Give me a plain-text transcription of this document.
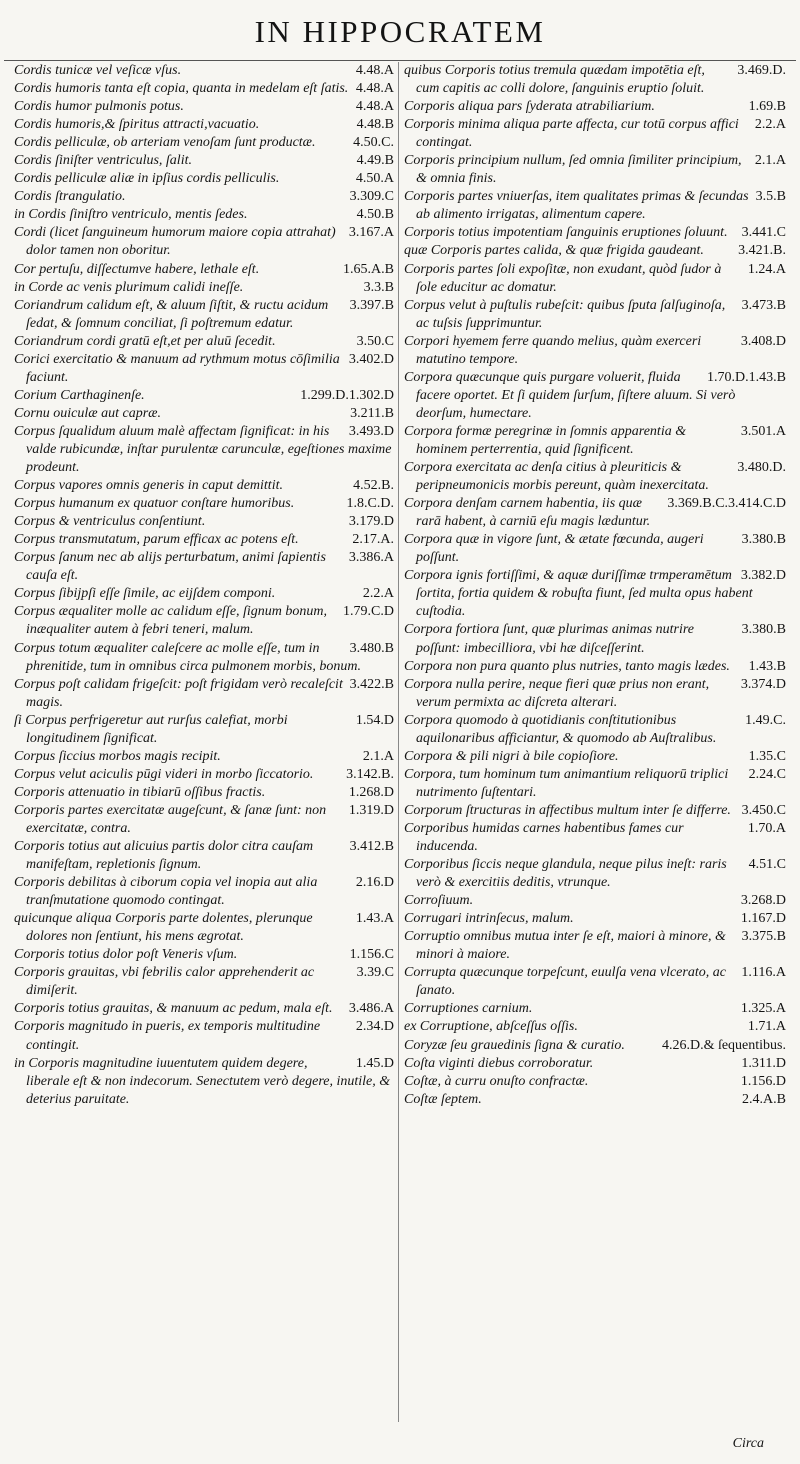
IN HIPPOCRATEM

4.48.A
Cordis tunicæ vel veſicæ vſus.

4.48.A
Cordis humoris tanta eſt copia, quanta in medelam eſt ſatis.

4.48.A
Cordis humor pulmonis potus.

4.48.B
Cordis humoris,& ſpiritus attracti,vacuatio.

4.50.C.
Cordis pelliculæ, ob arteriam venoſam ſunt productæ.

4.49.B
Cordis ſiniſter ventriculus, ſalit.

4.50.A
Cordis pelliculæ aliæ in ipſius cordis pelliculis.

3.309.C
Cordis ſtrangulatio.

4.50.B
in Cordis ſiniſtro ventriculo, mentis ſedes.

3.167.A
Cordi (licet ſanguineum humorum maiore copia attrahat) dolor tamen non oboritur.

1.65.A.B
Cor pertuſu, diſſectumve habere, lethale eſt.

3.3.B
in Corde ac venis plurimum calidi ineſſe.

3.397.B
Coriandrum calidum eſt, & aluum ſiſtit, & ructu acidum ſedat, & ſomnum conciliat, ſi poſtremum edatur.

3.50.C
Coriandrum cordi gratū eſt,et per aluū ſecedit.

3.402.D
Corici exercitatio & manuum ad rythmum motus cōſimilia faciunt.

1.299.D.1.302.D
Corium Carthaginenſe.

3.211.B
Cornu ouiculæ aut capræ.

3.493.D
Corpus ſqualidum aluum malè affectam ſignificat: in his valde rubicundæ, inſtar purulentæ carunculæ, egeſtiones maxime prodeunt.

4.52.B.
Corpus vapores omnis generis in caput demittit.

1.8.C.D.
Corpus humanum ex quatuor conſtare humoribus.

3.179.D
Corpus & ventriculus conſentiunt.

2.17.A.
Corpus transmutatum, parum efficax ac potens eſt.

3.386.A
Corpus ſanum nec ab alijs perturbatum, animi ſapientis cauſa eſt.

2.2.A
Corpus ſibijpſi eſſe ſimile, ac eijſdem componi.

1.79.C.D
Corpus æqualiter molle ac calidum eſſe, ſignum bonum, inæqualiter autem à febri teneri, malum.

3.480.B
Corpus totum æqualiter caleſcere ac molle eſſe, tum in phrenitide, tum in omnibus circa pulmonem morbis, bonum.

3.422.B
Corpus poſt calidam frigeſcit: poſt frigidam verò recaleſcit magis.

1.54.D
ſi Corpus perfrigeretur aut rurſus calefiat, morbi longitudinem ſignificat.

2.1.A
Corpus ſiccius morbos magis recipit.

3.142.B.
Corpus velut aciculis pūgi videri in morbo ſiccatorio.

1.268.D
Corporis attenuatio in tibiarū oſſibus fractis.

1.319.D
Corporis partes exercitatæ augeſcunt, & ſanæ ſunt: non exercitatæ, contra.

3.412.B
Corporis totius aut alicuius partis dolor citra cauſam manifeſtam, repletionis ſignum.

2.16.D
Corporis debilitas à ciborum copia vel inopia aut alia tranſmutatione quomodo contingat.

1.43.A
quicunque aliqua Corporis parte dolentes, plerunque dolores non ſentiunt, his mens ægrotat.

1.156.C
Corporis totius dolor poſt Veneris vſum.

3.39.C
Corporis grauitas, vbi febrilis calor apprehenderit ac dimiſerit.

3.486.A
Corporis totius grauitas, & manuum ac pedum, mala eſt.

2.34.D
Corporis magnitudo in pueris, ex temporis multitudine contingit.

1.45.D
in Corporis magnitudine iuuentutem quidem degere, liberale eſt & non indecorum. Senectutem verò degere, inutile, & deterius paruitate.

3.469.D.
quibus Corporis totius tremula quædam impotētia eſt, cum capitis ac colli dolore, ſanguinis eruptio ſoluit.

1.69.B
Corporis aliqua pars ſyderata atrabiliarium.

2.2.A
Corporis minima aliqua parte affecta, cur totū corpus affici contingat.

2.1.A
Corporis principium nullum, ſed omnia ſimiliter principium, & omnia finis.

3.5.B
Corporis partes vniuerſas, item qualitates primas & ſecundas ab alimento irrigatas, alimentum capere.

3.441.C
Corporis totius impotentiam ſanguinis eruptiones ſoluunt.

3.421.B.
quæ Corporis partes calida, & quæ frigida gaudeant.

1.24.A
Corporis partes ſoli expoſitæ, non exudant, quòd ſudor à ſole educitur ac domatur.

3.473.B
Corpus velut à puſtulis rubeſcit: quibus ſputa ſalſuginoſa, ac tuſsis ſupprimuntur.

3.408.D
Corpori hyemem ferre quando melius, quàm exerceri matutino tempore.

1.70.D.1.43.B
Corpora quæcunque quis purgare voluerit, fluida facere oportet. Et ſi quidem ſurſum, ſiſtere aluum. Si verò deorſum, humectare.

3.501.A
Corpora formæ peregrinæ in ſomnis apparentia & hominem perterrentia, quid ſignificent.

3.480.D.
Corpora exercitata ac denſa citius à pleuriticis & peripneumonicis morbis pereunt, quàm inexercitata.

3.369.B.C.3.414.C.D
Corpora denſam carnem habentia, iis quæ rarā habent, à carniū eſu magis læduntur.

3.380.B
Corpora quæ in vigore ſunt, & ætate fœcunda, augeri poſſunt.

3.382.D
Corpora ignis fortiſſimi, & aquæ duriſſimæ trmperamētum ſortita, fortia quidem & robuſta fiunt, ſed multa opus habent cuſtodia.

3.380.B
Corpora fortiora ſunt, quæ plurimas animas nutrire poſſunt: imbecilliora, vbi hæ diſceſſerint.

1.43.B
Corpora non pura quanto plus nutries, tanto magis lædes.

3.374.D
Corpora nulla perire, neque fieri quæ prius non erant, verum permixta ac diſcreta alterari.

1.49.C.
Corpora quomodo à quotidianis conſtitutionibus aquilonaribus afficiantur, & quomodo ab Auſtralibus.

1.35.C
Corpora & pili nigri à bile copioſiore.

2.24.C
Corpora, tum hominum tum animantium reliquorū triplici nutrimento ſuſtentari.

3.450.C
Corporum ſtructuras in affectibus multum inter ſe differre.

1.70.A
Corporibus humidas carnes habentibus fames cur inducenda.

4.51.C
Corporibus ſiccis neque glandula, neque pilus ineſt: raris verò & exercitiis deditis, vtrunque.

3.268.D
Corroſiuum.

1.167.D
Corrugari intrinſecus, malum.

3.375.B
Corruptio omnibus mutua inter ſe eſt, maiori à minore, & minori à maiore.

1.116.A
Corrupta quæcunque torpeſcunt, euulſa vena vlcerato, ac ſanato.

1.325.A
Corruptiones carnium.

1.71.A
ex Corruptione, abſceſſus oſſis.

4.26.D.& ſequentibus.
Coryzæ ſeu grauedinis ſigna & curatio.

1.311.D
Coſta viginti diebus corroboratur.

1.156.D
Coſtæ, à curru onuſto confractæ.

2.4.A.B
Coſtæ ſeptem.

Circa
